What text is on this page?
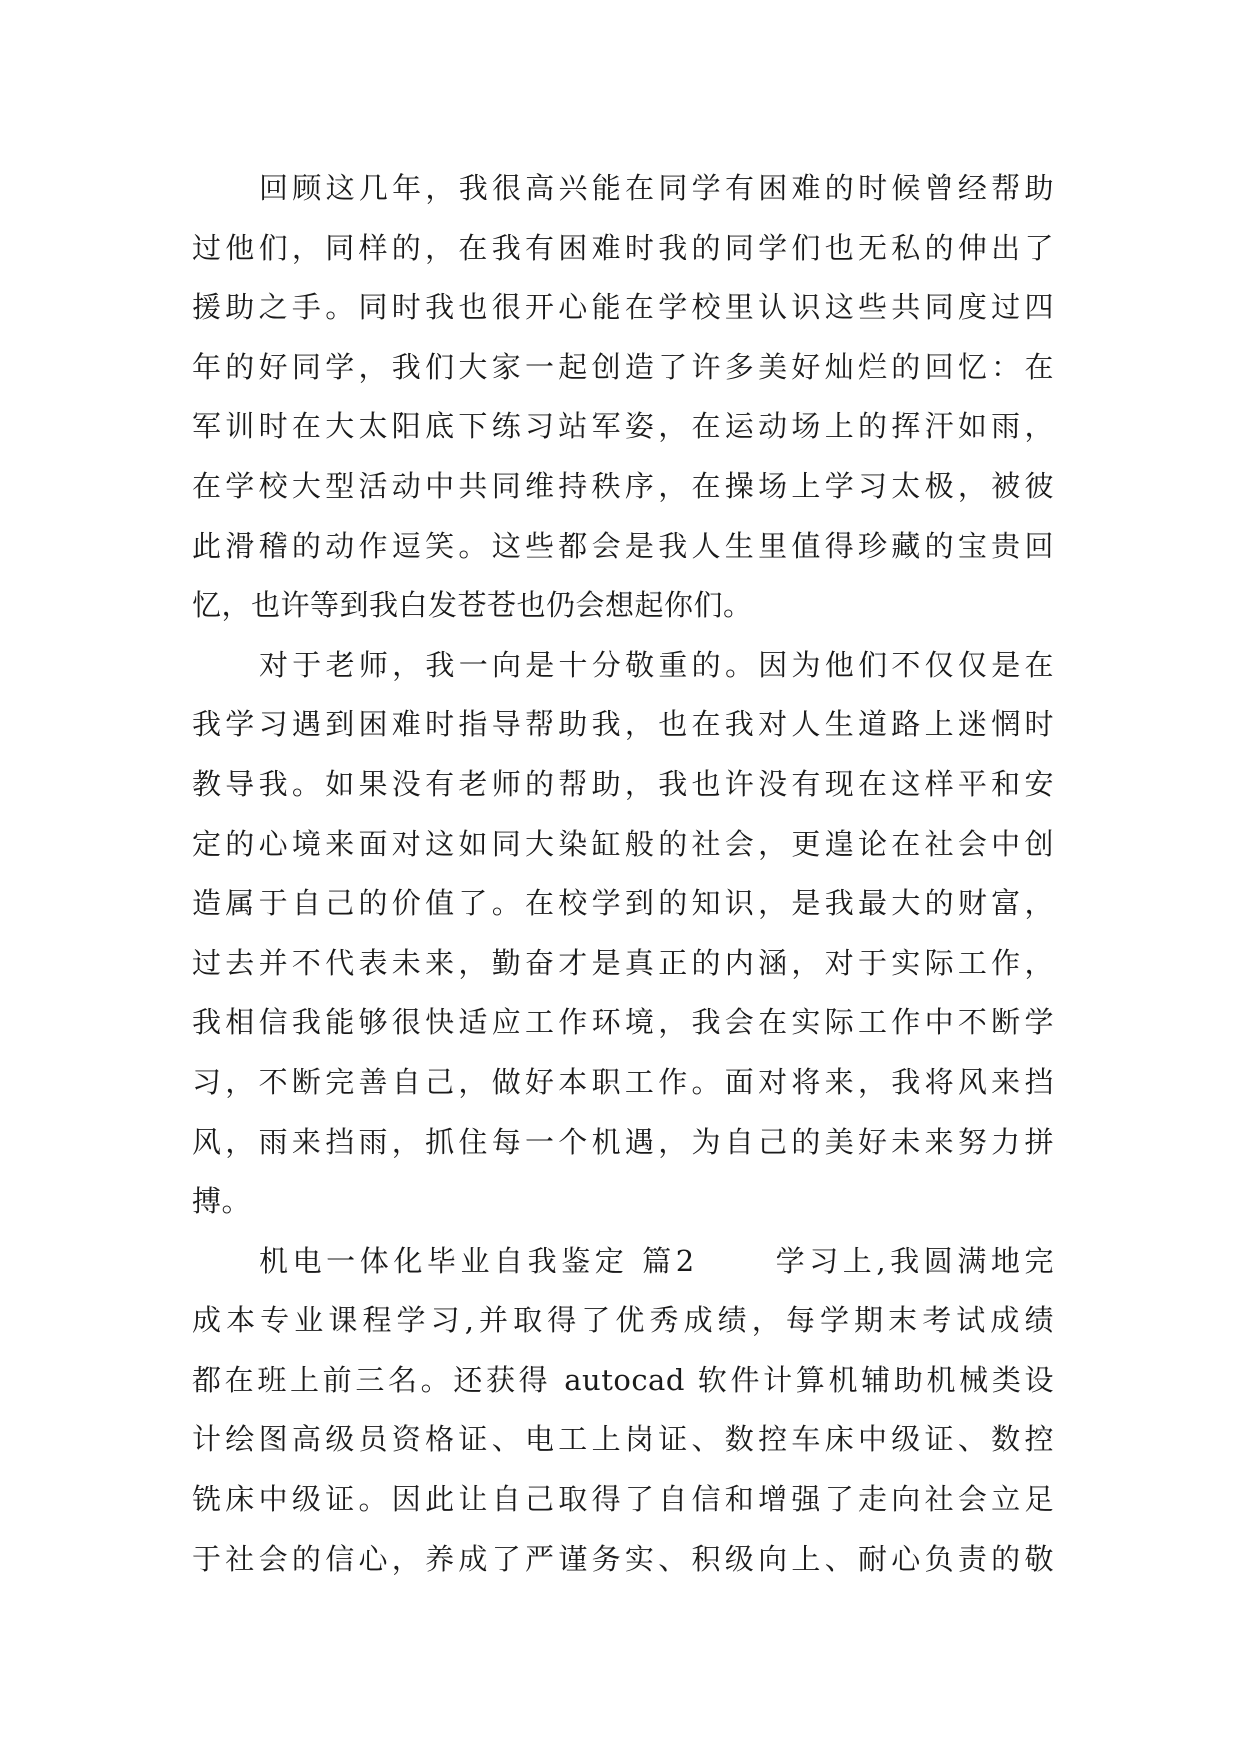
回顾这几年，我很高兴能在同学有困难的时候曾经帮助
过他们，同样的，在我有困难时我的同学们也无私的伸出了
援助之手。同时我也很开心能在学校里认识这些共同度过四
年的好同学，我们大家一起创造了许多美好灿烂的回忆：在
军训时在大太阳底下练习站军姿，在运动场上的挥汗如雨，
在学校大型活动中共同维持秩序，在操场上学习太极，被彼
此滑稽的动作逗笑。这些都会是我人生里值得珍藏的宝贵回
忆，也许等到我白发苍苍也仍会想起你们。
对于老师，我一向是十分敬重的。因为他们不仅仅是在
我学习遇到困难时指导帮助我，也在我对人生道路上迷惘时
教导我。如果没有老师的帮助，我也许没有现在这样平和安
定的心境来面对这如同大染缸般的社会，更遑论在社会中创
造属于自己的价值了。在校学到的知识，是我最大的财富，
过去并不代表未来，勤奋才是真正的内涵，对于实际工作，
我相信我能够很快适应工作环境，我会在实际工作中不断学
习，不断完善自己，做好本职工作。面对将来，我将风来挡
风，雨来挡雨，抓住每一个机遇，为自己的美好未来努力拼
搏。
机电一体化毕业自我鉴定 篇2 　　学习上,我圆满地完
成本专业课程学习,并取得了优秀成绩，每学期末考试成绩
都在班上前三名。还获得 autocad 软件计算机辅助机械类设
计绘图高级员资格证、电工上岗证、数控车床中级证、数控
铣床中级证。因此让自己取得了自信和增强了走向社会立足
于社会的信心，养成了严谨务实、积级向上、耐心负责的敬
